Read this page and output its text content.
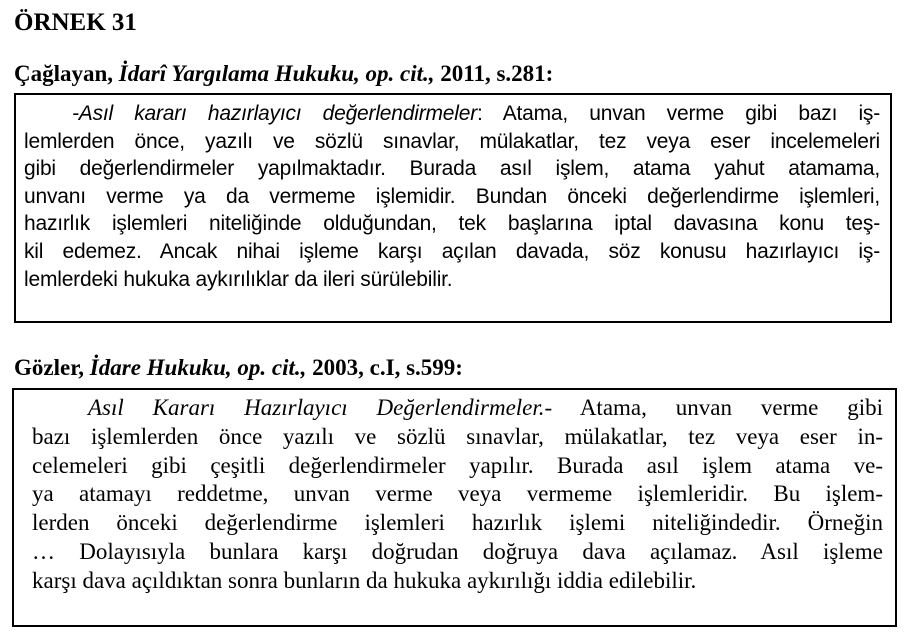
ÖRNEK 31

Çağlayan, İdarî Yargılama Hukuku, op. cit., 2011, s.281:

-Asıl kararı hazırlayıcı değerlendirmeler: Atama, unvan verme gibi bazı iş-
lemlerden önce, yazılı ve sözlü sınavlar, mülakatlar, tez veya eser incelemeleri
gibi değerlendirmeler yapılmaktadır. Burada asıl işlem, atama yahut atamama,
unvanı verme ya da vermeme işlemidir. Bundan önceki değerlendirme işlemleri,
hazırlık işlemleri niteliğinde olduğundan, tek başlarına iptal davasına konu teş-
kil edemez. Ancak nihai işleme karşı açılan davada, söz konusu hazırlayıcı iş-
lemlerdeki hukuka aykırılıklar da ileri sürülebilir.

Gözler, İdare Hukuku, op. cit., 2003, c.I, s.599:

Asıl Kararı Hazırlayıcı Değerlendirmeler.- Atama, unvan verme gibi
bazı işlemlerden önce yazılı ve sözlü sınavlar, mülakatlar, tez veya eser in-
celemeleri gibi çeşitli değerlendirmeler yapılır. Burada asıl işlem atama ve-
ya atamayı reddetme, unvan verme veya vermeme işlemleridir. Bu işlem-
lerden önceki değerlendirme işlemleri hazırlık işlemi niteliğindedir. Örneğin
… Dolayısıyla bunlara karşı doğrudan doğruya dava açılamaz. Asıl işleme
karşı dava açıldıktan sonra bunların da hukuka aykırılığı iddia edilebilir.
